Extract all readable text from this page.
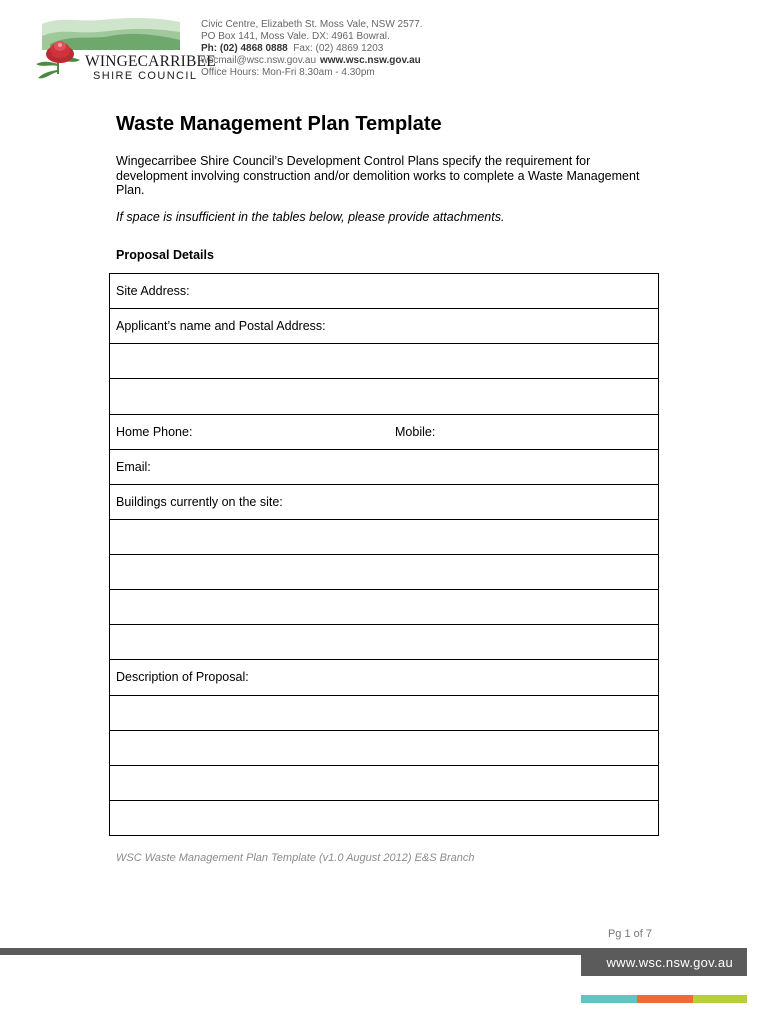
WINGECARRIBEE

SHIRE COUNCIL

Civic Centre, Elizabeth St. Moss Vale, NSW 2577.
PO Box 141, Moss Vale. DX: 4961 Bowral.
Ph: (02) 4868 0888 Fax: (02) 4869 1203
wscmail@wsc.nsw.gov.au www.wsc.nsw.gov.au
Office Hours: Mon-Fri 8.30am - 4.30pm
Waste Management Plan Template

Wingecarribee Shire Council’s Development Control Plans specify the requirement for development involving construction and/or demolition works to complete a Waste Management Plan.

If space is insufficient in the tables below, please provide attachments.

Proposal Details

Site Address:
Applicant’s name and Postal Address:

Home Phone:	Mobile:

Email:
Buildings currently on the site:

Description of Proposal:

WSC Waste Management Plan Template (v1.0 August 2012) E&S Branch

Pg 1 of 7

www.wsc.nsw.gov.au
